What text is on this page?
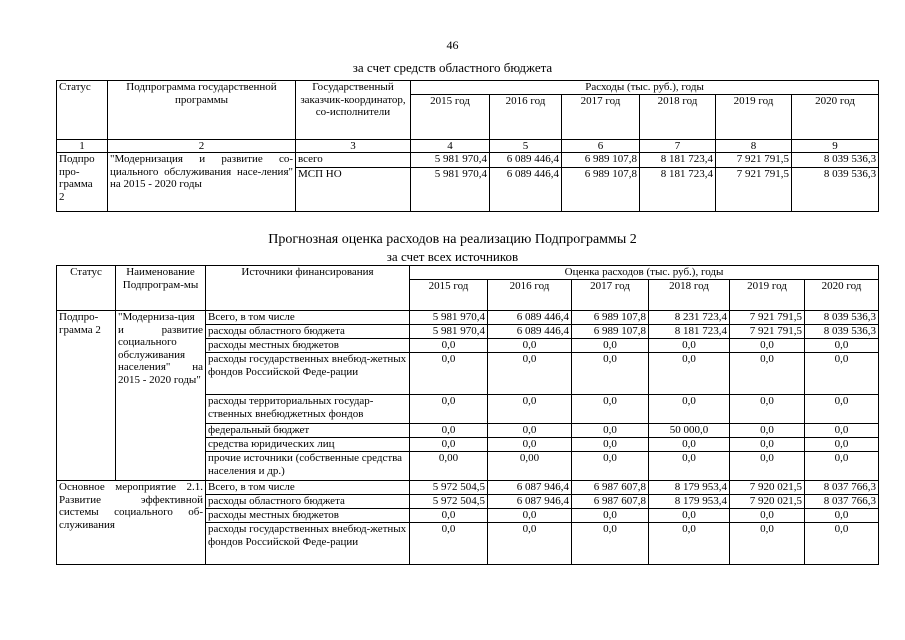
46
за счет средств областного бюджета
Статус	Подпрограмма государственной программы	Государственный заказчик-координатор, со-исполнители	Расходы (тыс. руб.), годы					
			2015 год	2016 год	2017 год	2018 год	2019 год	2020 год
1	2	3	4	5	6	7	8	9
Подпро
про-
грамма
2	"Модернизация и развитие со-циального обслуживания насе-ления" на 2015 - 2020 годы	всего	5 981 970,4	6 089 446,4	6 989 107,8	8 181 723,4	7 921 791,5	8 039 536,3
		МСП НО	5 981 970,4	6 089 446,4	6 989 107,8	8 181 723,4	7 921 791,5	8 039 536,3
Прогнозная оценка расходов на реализацию Подпрограммы 2
за счет всех источников
Статус	Наименование Подпрограм-мы	Источники финансирования	Оценка расходов (тыс. руб.), годы					
			2015 год	2016 год	2017 год	2018 год	2019 год	2020 год
Подпро-грамма 2	"Модерниза-ция и развитие социального обслуживания населения" на 2015 - 2020 годы"	Всего, в том числе	5 981 970,4	6 089 446,4	6 989 107,8	8 231 723,4	7 921 791,5	8 039 536,3
		расходы областного бюджета	5 981 970,4	6 089 446,4	6 989 107,8	8 181 723,4	7 921 791,5	8 039 536,3
		расходы местных бюджетов	0,0	0,0	0,0	0,0	0,0	0,0
		расходы государственных внебюд-жетных фондов Российской Феде-рации	0,0	0,0	0,0	0,0	0,0	0,0
		расходы территориальных государ-ственных внебюджетных фондов	0,0	0,0	0,0	0,0	0,0	0,0
		федеральный бюджет	0,0	0,0	0,0	50 000,0	0,0	0,0
		средства юридических лиц	0,0	0,0	0,0	0,0	0,0	0,0
		прочие источники (собственные средства населения и др.)	0,00	0,00	0,0	0,0	0,0	0,0
Основное мероприятие 2.1. Развитие эффективной системы социального об-служивания		Всего, в том числе	5 972 504,5	6 087 946,4	6 987 607,8	8 179 953,4	7 920 021,5	8 037 766,3
		расходы областного бюджета	5 972 504,5	6 087 946,4	6 987 607,8	8 179 953,4	7 920 021,5	8 037 766,3
		расходы местных бюджетов	0,0	0,0	0,0	0,0	0,0	0,0
		расходы государственных внебюд-жетных фондов Российской Феде-рации	0,0	0,0	0,0	0,0	0,0	0,0
